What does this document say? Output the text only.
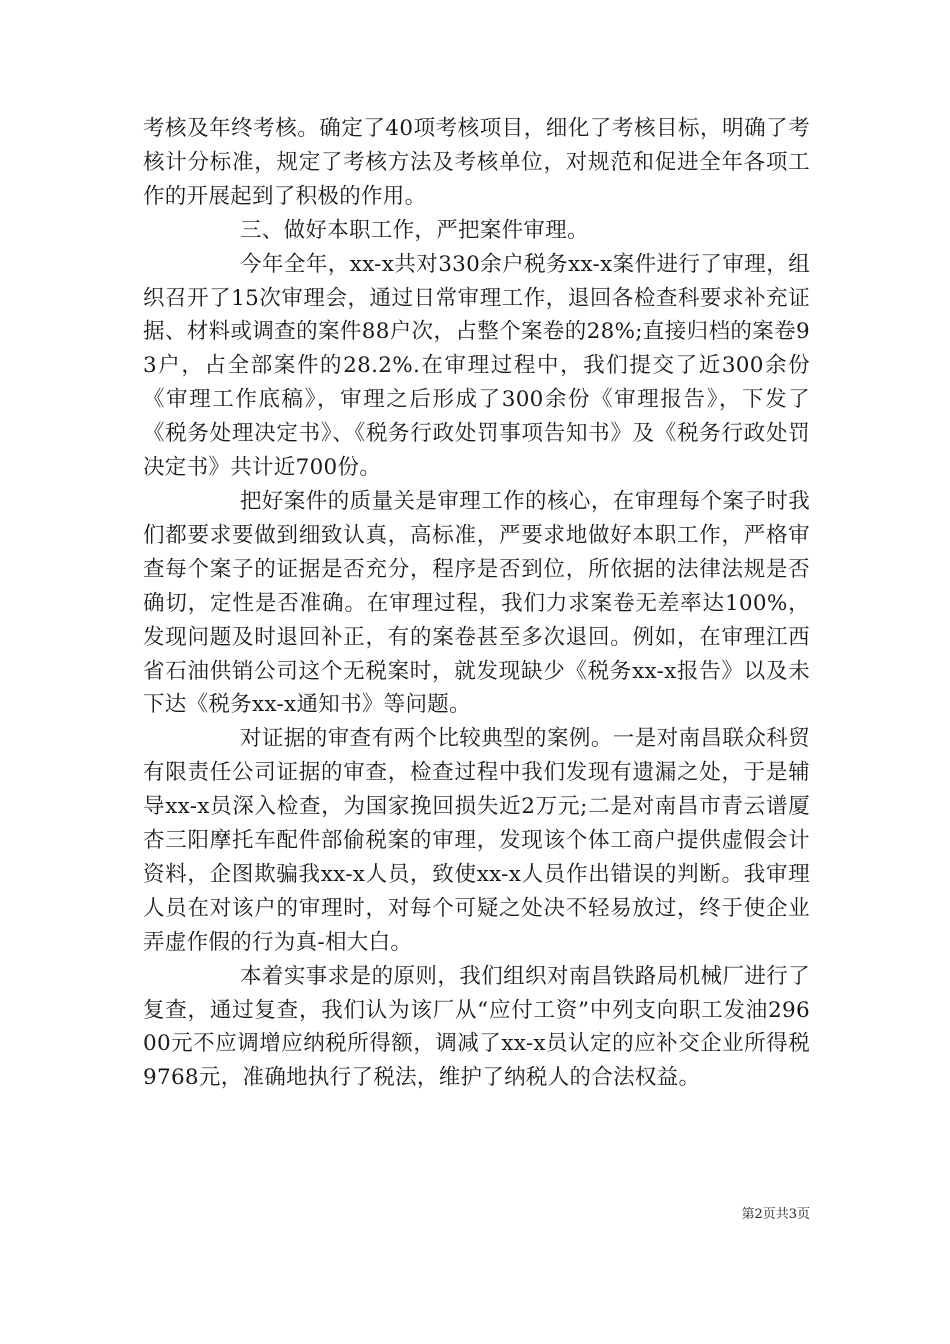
考核及年终考核。确定了40项考核项目，细化了考核目标，明确了考核计分标准，规定了考核方法及考核单位，对规范和促进全年各项工作的开展起到了积极的作用。

三、做好本职工作，严把案件审理。

今年全年，xx-x共对330余户税务xx-x案件进行了审理，组织召开了15次审理会，通过日常审理工作，退回各检查科要求补充证据、材料或调查的案件88户次，占整个案卷的28%;直接归档的案卷93户，占全部案件的28.2%.在审理过程中，我们提交了近300余份《审理工作底稿》，审理之后形成了300余份《审理报告》，下发了《税务处理决定书》、《税务行政处罚事项告知书》及《税务行政处罚决定书》共计近700份。

把好案件的质量关是审理工作的核心，在审理每个案子时我们都要求要做到细致认真，高标准，严要求地做好本职工作，严格审查每个案子的证据是否充分，程序是否到位，所依据的法律法规是否确切，定性是否准确。在审理过程，我们力求案卷无差率达100%，发现问题及时退回补正，有的案卷甚至多次退回。例如，在审理江西省石油供销公司这个无税案时，就发现缺少《税务xx-x报告》以及未下达《税务xx-x通知书》等问题。

对证据的审查有两个比较典型的案例。一是对南昌联众科贸有限责任公司证据的审查，检查过程中我们发现有遗漏之处，于是辅导xx-x员深入检查，为国家挽回损失近2万元;二是对南昌市青云谱厦杏三阳摩托车配件部偷税案的审理，发现该个体工商户提供虚假会计资料，企图欺骗我xx-x人员，致使xx-x人员作出错误的判断。我审理人员在对该户的审理时，对每个可疑之处决不轻易放过，终于使企业弄虚作假的行为真-相大白。

本着实事求是的原则，我们组织对南昌铁路局机械厂进行了复查，通过复查，我们认为该厂从“应付工资”中列支向职工发油29600元不应调增应纳税所得额，调减了xx-x员认定的应补交企业所得税9768元，准确地执行了税法，维护了纳税人的合法权益。

第2页共3页
